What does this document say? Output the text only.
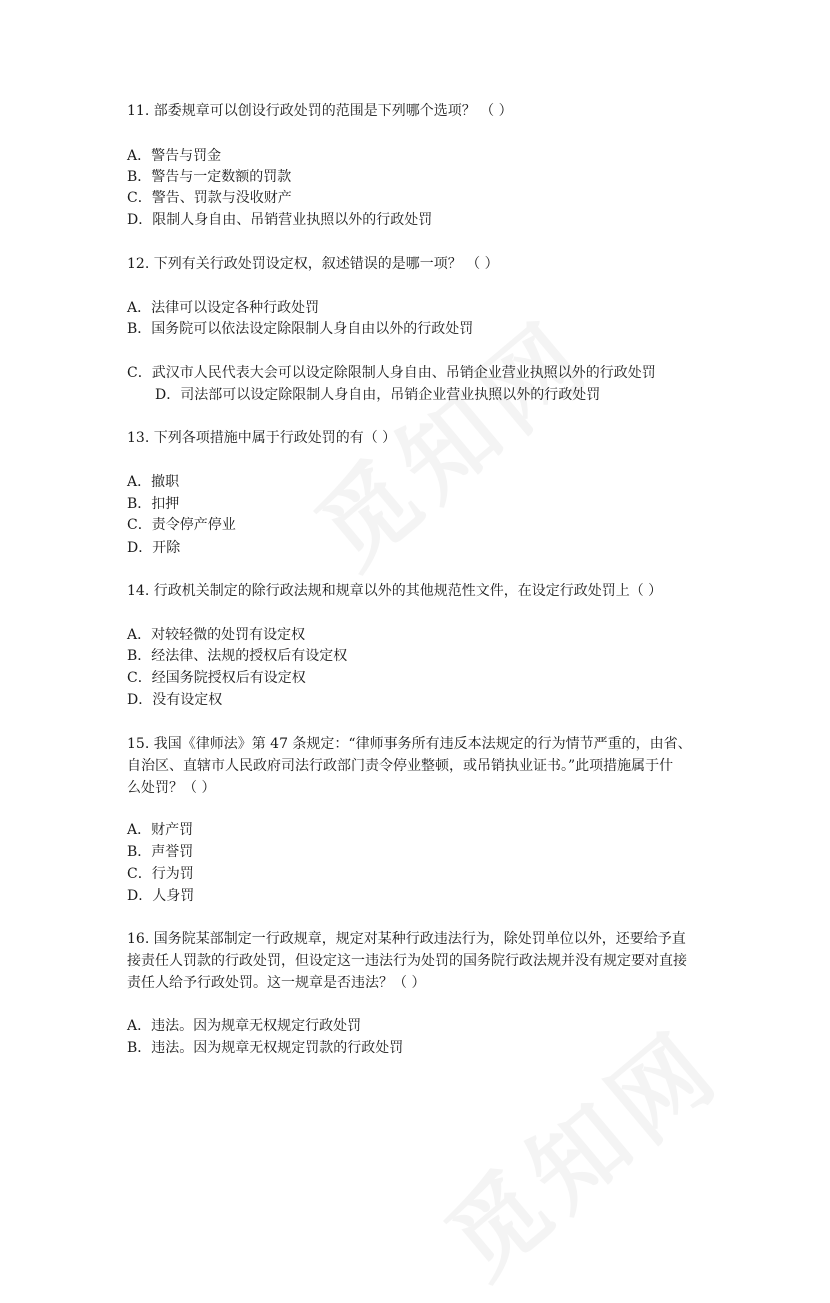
11. 部委规章可以创设行政处罚的范围是下列哪个选项？ （ ）
A．警告与罚金
B．警告与一定数额的罚款
C．警告、罚款与没收财产
D．限制人身自由、吊销营业执照以外的行政处罚
12. 下列有关行政处罚设定权，叙述错误的是哪一项？ （ ）
A．法律可以设定各种行政处罚
B．国务院可以依法设定除限制人身自由以外的行政处罚
C．武汉市人民代表大会可以设定除限制人身自由、吊销企业营业执照以外的行政处罚
D．司法部可以设定除限制人身自由，吊销企业营业执照以外的行政处罚
13. 下列各项措施中属于行政处罚的有（ ）
A．撤职
B．扣押
C．责令停产停业
D．开除
14. 行政机关制定的除行政法规和规章以外的其他规范性文件，在设定行政处罚上（ ）
A．对较轻微的处罚有设定权
B．经法律、法规的授权后有设定权
C．经国务院授权后有设定权
D．没有设定权
15. 我国《律师法》第 47 条规定：“律师事务所有违反本法规定的行为情节严重的，由省、
自治区、直辖市人民政府司法行政部门责令停业整顿，或吊销执业证书。”此项措施属于什
么处罚？（ ）
A．财产罚
B．声誉罚
C．行为罚
D．人身罚
16. 国务院某部制定一行政规章，规定对某种行政违法行为，除处罚单位以外，还要给予直
接责任人罚款的行政处罚，但设定这一违法行为处罚的国务院行政法规并没有规定要对直接
责任人给予行政处罚。这一规章是否违法？（ ）
A．违法。因为规章无权规定行政处罚
B．违法。因为规章无权规定罚款的行政处罚
